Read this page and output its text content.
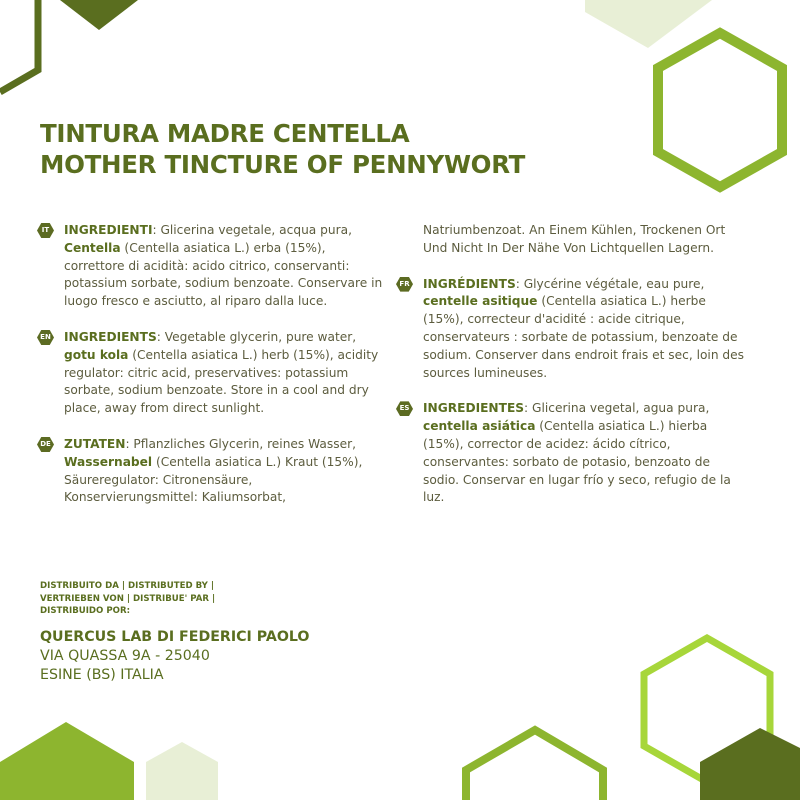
TINTURA MADRE CENTELLA
MOTHER TINCTURE OF PENNYWORT
IT	INGREDIENTI: Glicerina vegetale, acqua pura, Centella (Centella asiatica L.) erba (15%), correttore di acidità: acido citrico, conservanti: potassium sorbate, sodium benzoate. Conservare in luogo fresco e asciutto, al riparo dalla luce.
EN INGREDIENTS: Vegetable glycerin, pure water, gotu kola (Centella asiatica L.) herb (15%), acidity regulator: citric acid, preservatives: potassium sorbate, sodium benzoate. Store in a cool and dry place, away from direct sunlight.
DE ZUTATEN: Pflanzliches Glycerin, reines Wasser, Wassernabel (Centella asiatica L.) Kraut (15%), Säureregulator: Citronensäure, Konservierungsmittel: Kaliumsorbat,
Natriumbenzoat. An Einem Kühlen, Trockenen Ort Und Nicht In Der Nähe Von Lichtquellen Lagern.
FR INGRÉDIENTS: Glycérine végétale, eau pure, centelle asitique (Centella asiatica L.) herbe (15%), correcteur d'acidité : acide citrique, conservateurs : sorbate de potassium, benzoate de sodium. Conserver dans endroit frais et sec, loin des sources lumineuses.
ES INGREDIENTES: Glicerina vegetal, agua pura, centella asiática (Centella asiatica L.) hierba (15%), corrector de acidez: ácido cítrico, conservantes: sorbato de potasio, benzoato de sodio. Conservar en lugar frío y seco, refugio de la luz.
DISTRIBUITO DA | DISTRIBUTED BY |
VERTRIEBEN VON | DISTRIBUE' PAR |
DISTRIBUIDO POR:
QUERCUS LAB DI FEDERICI PAOLO
VIA QUASSA 9A - 25040
ESINE (BS) ITALIA
